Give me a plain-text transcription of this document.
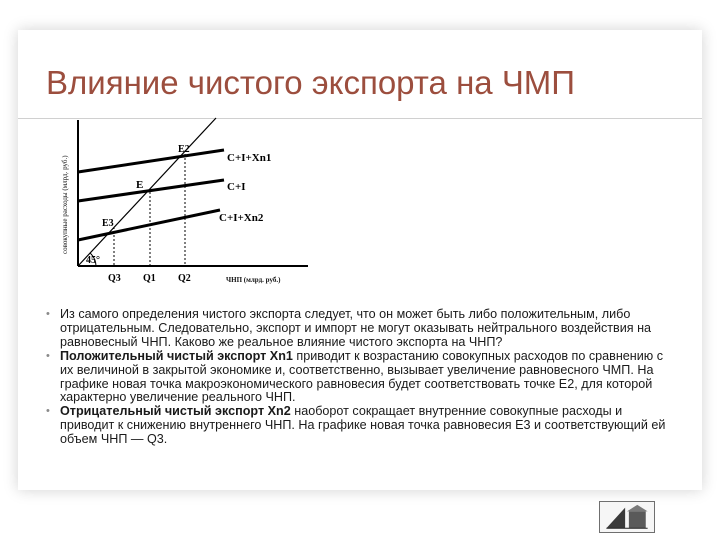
Влияние чистого экспорта на ЧМП
совокупные расходы (млрд. руб.)
45°
C+I+Xn1
C+I
C+I+Xn2
E2
E
E3
Q3 Q1 Q2	ЧНП (млрд. руб.)
• Из самого определения чистого экспорта следует, что он может быть либо положительным, либо отрицательным. Следовательно, экспорт и импорт не могут оказывать нейтрального воздействия на равновесный ЧНП. Каково же реальное влияние чистого экспорта на ЧНП?
• Положительный чистый экспорт Xn1 приводит к возрастанию совокупных расходов по сравнению с их величиной в закрытой экономике и, соответственно, вызывает увеличение равновесного ЧМП. На графике новая точка макроэкономического равновесия будет соответствовать точке E2, для которой характерно увеличение реального ЧНП.
• Отрицательный чистый экспорт Xn2 наоборот сокращает внутренние совокупные расходы и приводит к снижению внутреннего ЧНП. На графике новая точка равновесия E3 и соответствующий ей объем ЧНП — Q3.
